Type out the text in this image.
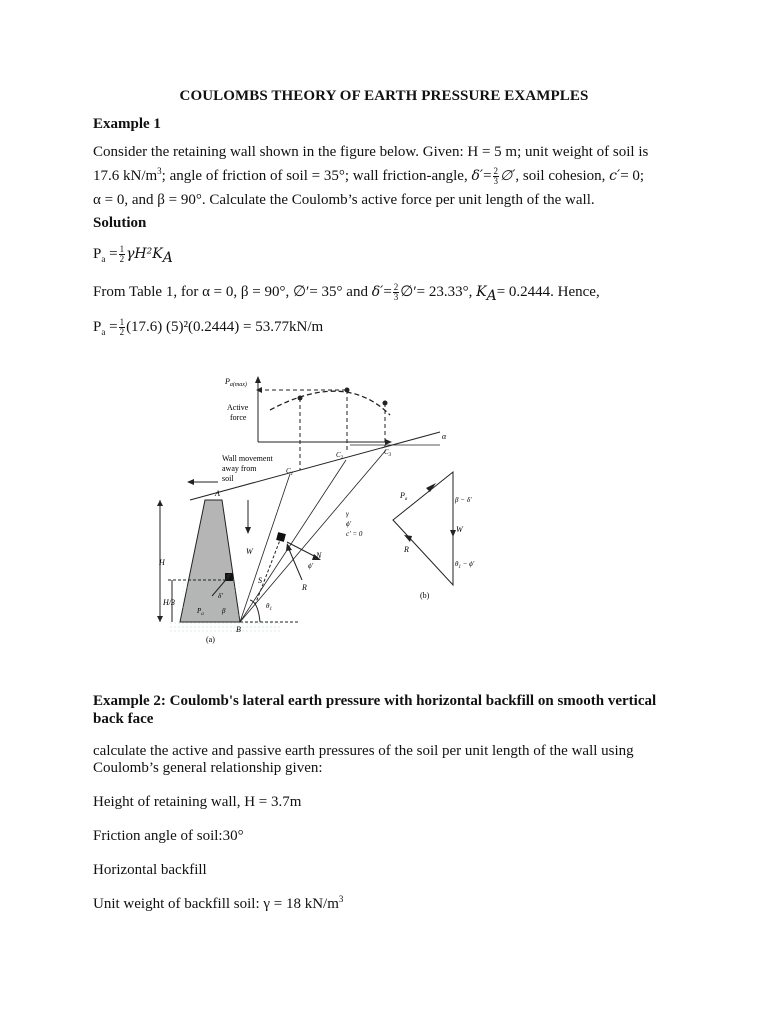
COULOMBS THEORY OF EARTH PRESSURE EXAMPLES
Example 1
Consider the retaining wall shown in the figure below. Given: H = 5 m; unit weight of soil is
17.6 $kN/m^3$; angle of friction of soil = 35°; wall friction-angle, $\delta'= \frac{2}{3}$ ∅′, soil cohesion, c′= 0;
α = 0, and β = 90°. Calculate the Coulomb’s active force per unit length of the wall.
Solution
$P_a = \frac{1}{2} \gamma H^2K_A$
From Table 1, for α = 0, β = 90°, ∅′= 35° and $\delta'= \frac{2}{3}$ ∅′= 23.33°, $K_A= 0.2444$. Hence,
$P_a = \frac{1}{2} (17.6) (5)^2(0.2444) = 53.77kN/m$
$P_{a(max)}$
Active
force
α
$C_1$
$C_2$
$C_3$
Wall movement
away from
soil
A
B
W
S
N
R
ϕ′
γ
ϕ′
c′ = 0
H
H/3
δ′
$P_a$	β
$\theta_1$
$P_a$
W
R
β − δ′
$\theta_1 - \phi'$
(a)
(b)
Example 2: Coulomb's lateral earth pressure with horizontal backfill on smooth vertical
back face
calculate the active and passive earth pressures of the soil per unit length of the wall using
Coulomb’s general relationship given:
Height of retaining wall, H = 3.7m
Friction angle of soil:30°
Horizontal backfill
Unit weight of backfill soil: γ = 18 $kN/m^3$
